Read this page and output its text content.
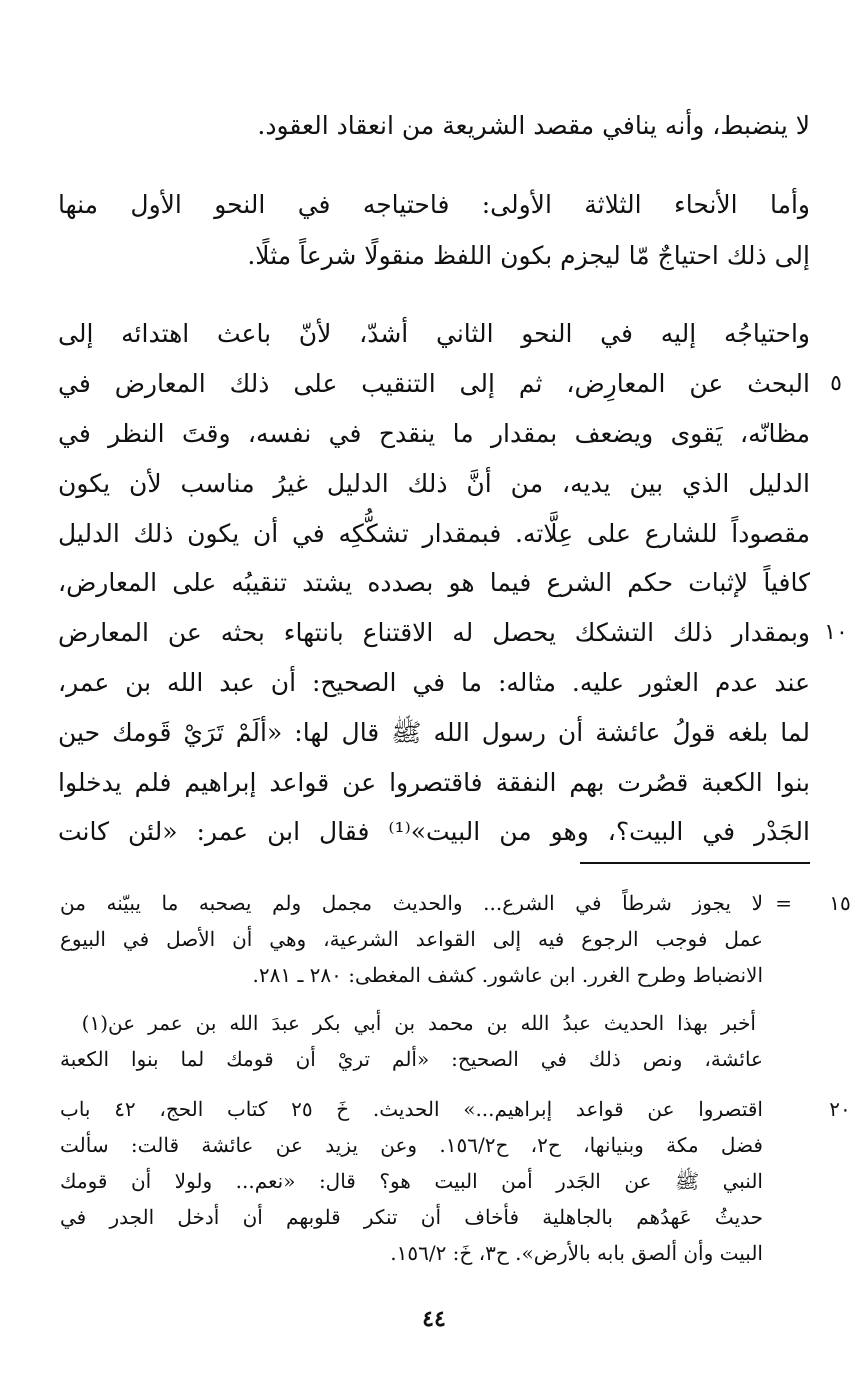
لا ينضبط، وأنه ينافي مقصد الشريعة من انعقاد العقود.
وأما الأنحاء الثلاثة الأولى: فاحتياجه في النحو الأول منها
إلى ذلك احتياجٌ مّا ليجزم بكون اللفظ منقولًا شرعاً مثلًا.
واحتياجُه إليه في النحو الثاني أشدّ، لأنّ باعث اهتدائه إلى
البحث عن المعارِض، ثم إلى التنقيب على ذلك المعارض في ٥
مظانّه، يَقوى ويضعف بمقدار ما ينقدح في نفسه، وقتَ النظر في
الدليل الذي بين يديه، من أنَّ ذلك الدليل غيرُ مناسب لأن يكون
مقصوداً للشارع على عِلَّاته. فبمقدار تشكُّكِه في أن يكون ذلك الدليل
كافياً لإثبات حكم الشرع فيما هو بصدده يشتد تنقيبُه على المعارض،
وبمقدار ذلك التشكك يحصل له الاقتناع بانتهاء بحثه عن المعارض ١٠
عند عدم العثور عليه. مثاله: ما في الصحيح: أن عبد الله بن عمر،
لما بلغه قولُ عائشة أن رسول الله ﷺ قال لها: «ألَمْ تَرَيْ قَومك حين
بنوا الكعبة قصُرت بهم النفقة فاقتصروا عن قواعد إبراهيم فلم يدخلوا
الجَدْر في البيت؟، وهو من البيت»⁽¹⁾ فقال ابن عمر: «لئن كانت
١٥
=
لا يجوز شرطاً في الشرع... والحديث مجمل ولم يصحبه ما يبيّنه من
عمل فوجب الرجوع فيه إلى القواعد الشرعية، وهي أن الأصل في البيوع
الانضباط وطرح الغرر. ابن عاشور. كشف المغطى: ٢٨٠ ـ ٢٨١.
(١) أخبر بهذا الحديث عبدُ الله بن محمد بن أبي بكر عبدَ الله بن عمر عن
عائشة، ونص ذلك في الصحيح: «ألم تريْ أن قومك لما بنوا الكعبة
٢٠
اقتصروا عن قواعد إبراهيم...» الحديث. خَ ٢٥ كتاب الحج، ٤٢ باب
فضل مكة وبنيانها، ح٢، ح١٥٦/٢. وعن يزيد عن عائشة قالت: سألت
النبي ﷺ عن الجَدر أمن البيت هو؟ قال: «نعم... ولولا أن قومك
حديثُ عَهدُهم بالجاهلية فأخاف أن تنكر قلوبهم أن أدخل الجدر في
البيت وأن ألصق بابه بالأرض». ح٣، خَ: ١٥٦/٢.
٤٤
